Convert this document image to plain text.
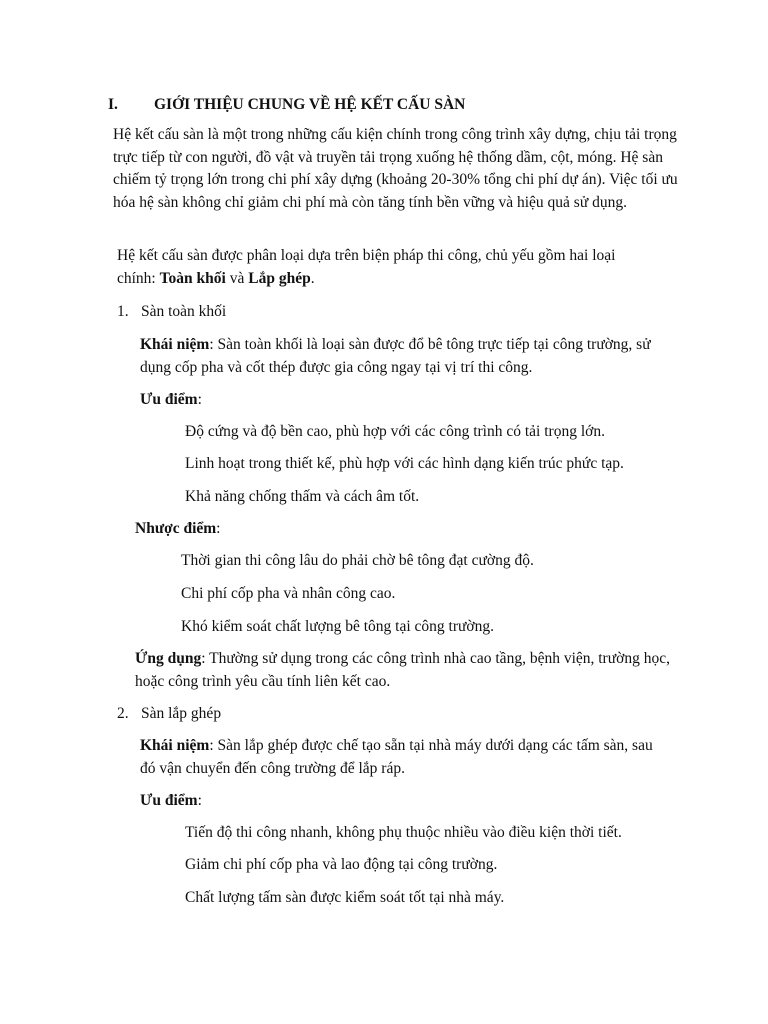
I. GIỚI THIỆU CHUNG VỀ HỆ KẾT CẤU SÀN

Hệ kết cấu sàn là một trong những cấu kiện chính trong công trình xây dựng, chịu tải trọng trực tiếp từ con người, đồ vật và truyền tải trọng xuống hệ thống dầm, cột, móng. Hệ sàn chiếm tỷ trọng lớn trong chi phí xây dựng (khoảng 20-30% tổng chi phí dự án). Việc tối ưu hóa hệ sàn không chỉ giảm chi phí mà còn tăng tính bền vững và hiệu quả sử dụng.

Hệ kết cấu sàn được phân loại dựa trên biện pháp thi công, chủ yếu gồm hai loại chính: Toàn khối và Lắp ghép.

1. Sàn toàn khối

Khái niệm: Sàn toàn khối là loại sàn được đổ bê tông trực tiếp tại công trường, sử dụng cốp pha và cốt thép được gia công ngay tại vị trí thi công.

Ưu điểm:

Độ cứng và độ bền cao, phù hợp với các công trình có tải trọng lớn.

Linh hoạt trong thiết kế, phù hợp với các hình dạng kiến trúc phức tạp.

Khả năng chống thấm và cách âm tốt.

Nhược điểm:

Thời gian thi công lâu do phải chờ bê tông đạt cường độ.

Chi phí cốp pha và nhân công cao.

Khó kiểm soát chất lượng bê tông tại công trường.

Ứng dụng: Thường sử dụng trong các công trình nhà cao tầng, bệnh viện, trường học, hoặc công trình yêu cầu tính liên kết cao.

2. Sàn lắp ghép

Khái niệm: Sàn lắp ghép được chế tạo sẵn tại nhà máy dưới dạng các tấm sàn, sau đó vận chuyển đến công trường để lắp ráp.

Ưu điểm:

Tiến độ thi công nhanh, không phụ thuộc nhiều vào điều kiện thời tiết.

Giảm chi phí cốp pha và lao động tại công trường.

Chất lượng tấm sàn được kiểm soát tốt tại nhà máy.
